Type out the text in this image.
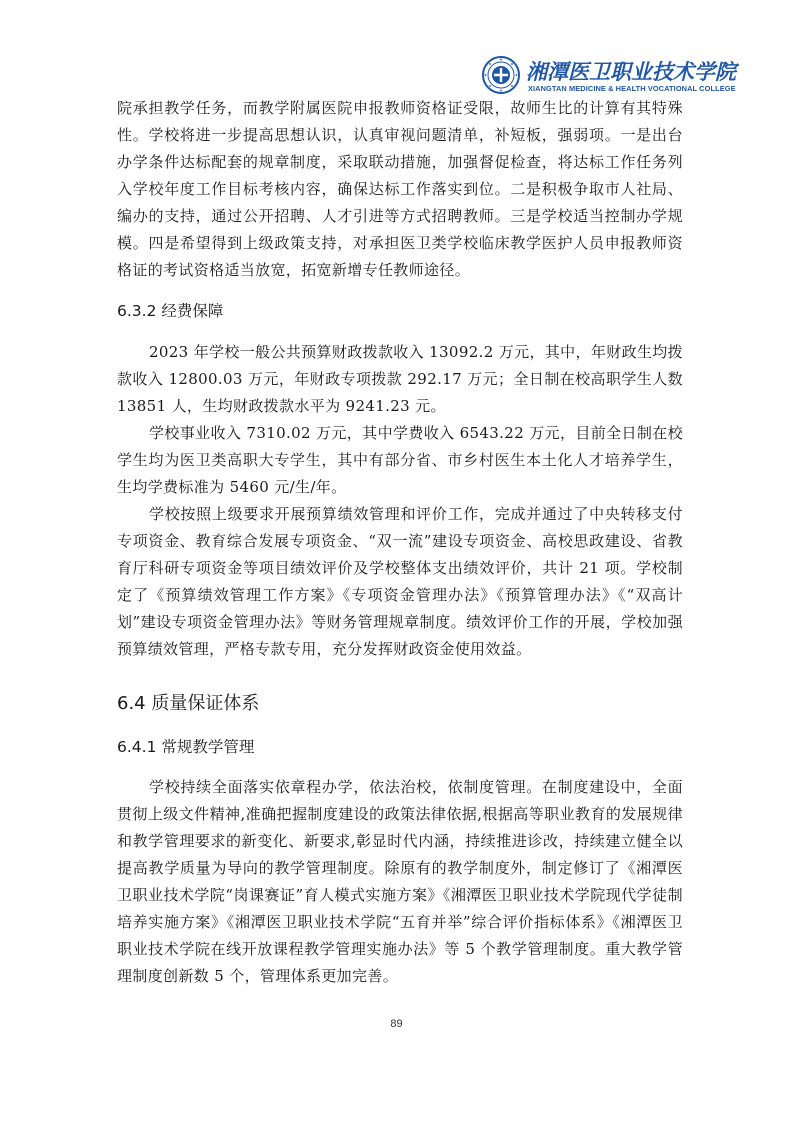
湘潭医卫职业技术学院
XIANGTAN MEDICINE & HEALTH VOCATIONAL COLLEGE

院承担教学任务，而教学附属医院申报教师资格证受限，故师生比的计算有其特殊性。学校将进一步提高思想认识，认真审视问题清单，补短板，强弱项。一是出台办学条件达标配套的规章制度，采取联动措施，加强督促检查，将达标工作任务列入学校年度工作目标考核内容，确保达标工作落实到位。二是积极争取市人社局、编办的支持，通过公开招聘、人才引进等方式招聘教师。三是学校适当控制办学规模。四是希望得到上级政策支持，对承担医卫类学校临床教学医护人员申报教师资格证的考试资格适当放宽，拓宽新增专任教师途径。

6.3.2 经费保障

2023 年学校一般公共预算财政拨款收入 13092.2 万元，其中，年财政生均拨款收入 12800.03 万元，年财政专项拨款 292.17 万元；全日制在校高职学生人数 13851 人，生均财政拨款水平为 9241.23 元。

学校事业收入 7310.02 万元，其中学费收入 6543.22 万元，目前全日制在校学生均为医卫类高职大专学生，其中有部分省、市乡村医生本土化人才培养学生，生均学费标准为 5460 元/生/年。

学校按照上级要求开展预算绩效管理和评价工作，完成并通过了中央转移支付专项资金、教育综合发展专项资金、“双一流”建设专项资金、高校思政建设、省教育厅科研专项资金等项目绩效评价及学校整体支出绩效评价，共计 21 项。学校制定了《预算绩效管理工作方案》《专项资金管理办法》《预算管理办法》《“双高计划”建设专项资金管理办法》等财务管理规章制度。绩效评价工作的开展，学校加强预算绩效管理，严格专款专用，充分发挥财政资金使用效益。

6.4 质量保证体系
6.4.1 常规教学管理

学校持续全面落实依章程办学，依法治校，依制度管理。在制度建设中，全面贯彻上级文件精神,准确把握制度建设的政策法律依据,根据高等职业教育的发展规律和教学管理要求的新变化、新要求,彰显时代内涵，持续推进诊改，持续建立健全以提高教学质量为导向的教学管理制度。除原有的教学制度外，制定修订了《湘潭医卫职业技术学院“岗课赛证”育人模式实施方案》《湘潭医卫职业技术学院现代学徒制培养实施方案》《湘潭医卫职业技术学院“五育并举”综合评价指标体系》《湘潭医卫职业技术学院在线开放课程教学管理实施办法》等 5 个教学管理制度。重大教学管理制度创新数 5 个，管理体系更加完善。

89
